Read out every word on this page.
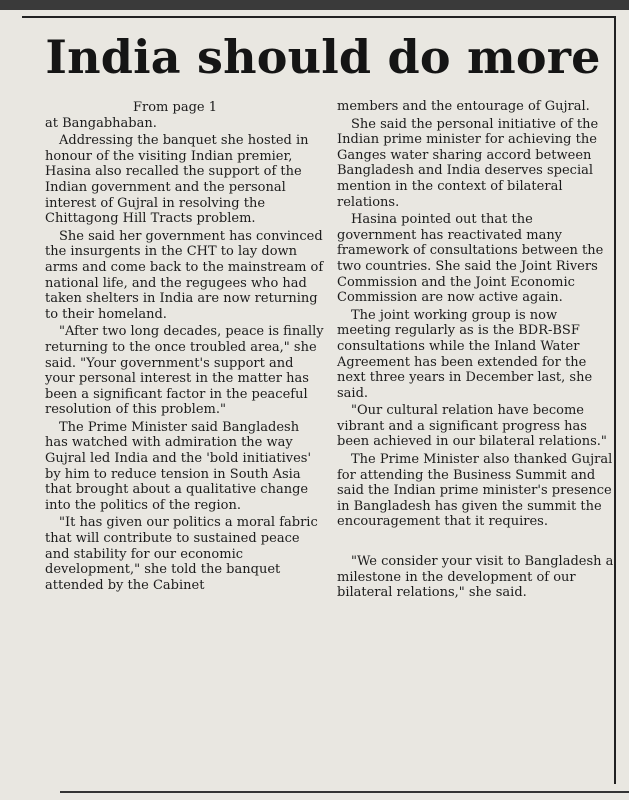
India should do more

From page 1

at Bangabhaban.

Addressing the banquet she hosted in honour of the visiting Indian premier, Hasina also recalled the support of the Indian government and the personal interest of Gujral in resolving the Chittagong Hill Tracts problem.

She said her government has convinced the insurgents in the CHT to lay down arms and come back to the mainstream of national life, and the regugees who had taken shelters in India are now returning to their homeland.

"After two long decades, peace is finally returning to the once troubled area," she said. "Your government's support and your personal interest in the matter has been a significant factor in the peaceful resolution of this problem."

The Prime Minister said Bangladesh has watched with admiration the way Gujral led India and the 'bold initiatives' by him to reduce tension in South Asia that brought about a qualitative change into the politics of the region.

"It has given our politics a moral fabric that will contribute to sustained peace and stability for our economic development," she told the banquet attended by the Cabinet

members and the entourage of Gujral.

She said the personal initiative of the Indian prime minister for achieving the Ganges water sharing accord between Bangladesh and India deserves special mention in the context of bilateral relations.

Hasina pointed out that the government has reactivated many framework of consultations between the two countries. She said the Joint Rivers Commission and the Joint Economic Commission are now active again.

The joint working group is now meeting regularly as is the BDR-BSF consultations while the Inland Water Agreement has been extended for the next three years in December last, she said.

"Our cultural relation have become vibrant and a significant progress has been achieved in our bilateral relations."

The Prime Minister also thanked Gujral for attending the Business Summit and said the Indian prime minister's presence in Bangladesh has given the summit the encouragement that it requires.

"We consider your visit to Bangladesh a milestone in the development of our bilateral relations," she said.
